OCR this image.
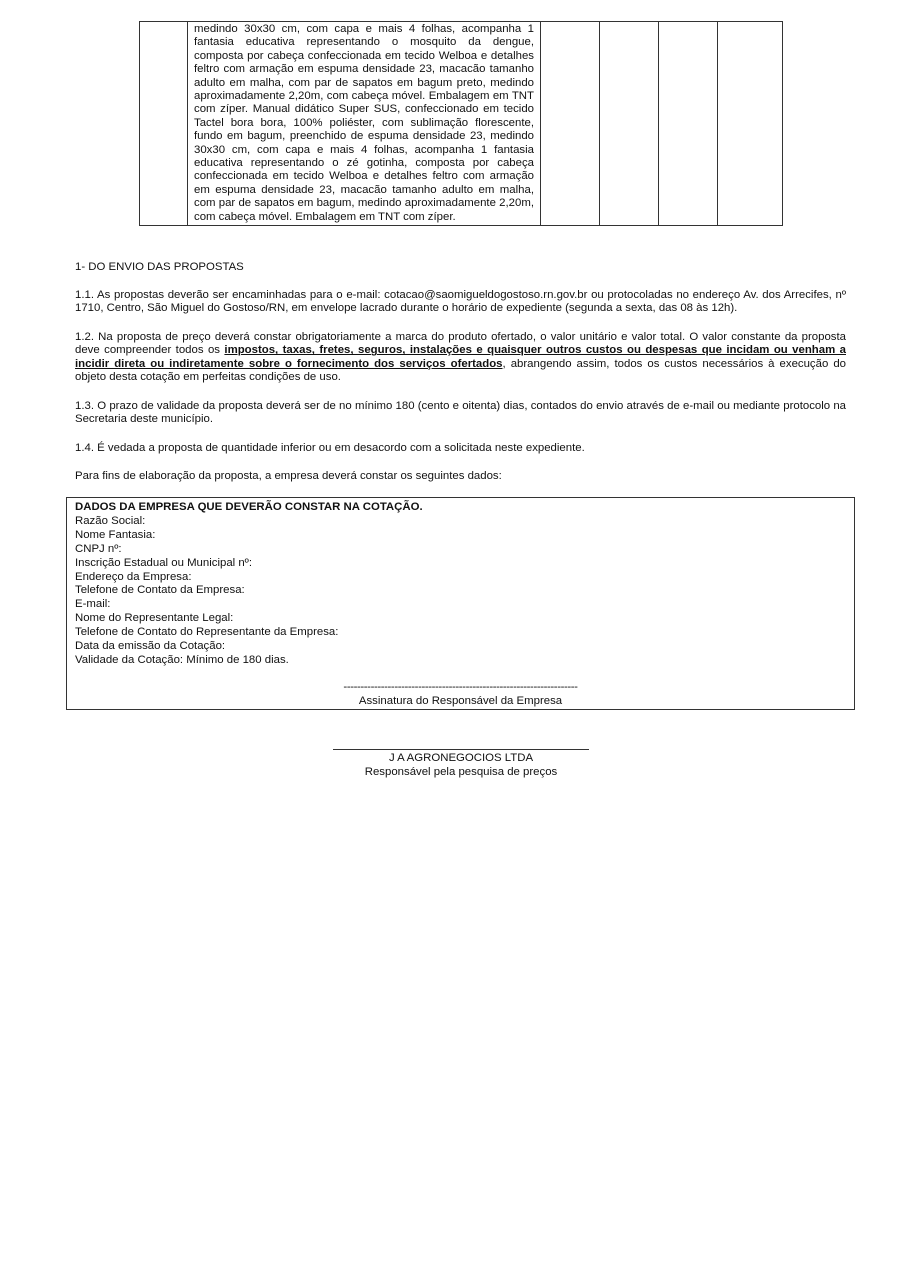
	medindo 30x30 cm, com capa e mais 4 folhas, acompanha 1 fantasia educativa representando o mosquito da dengue, composta por cabeça confeccionada em tecido Welboa e detalhes feltro com armação em espuma densidade 23, macacão tamanho adulto em malha, com par de sapatos em bagum preto, medindo aproximadamente 2,20m, com cabeça móvel. Embalagem em TNT com zíper. Manual didático Super SUS, confeccionado em tecido Tactel bora bora, 100% poliéster, com sublimação florescente, fundo em bagum, preenchido de espuma densidade 23, medindo 30x30 cm, com capa e mais 4 folhas, acompanha 1 fantasia educativa representando o zé gotinha, composta por cabeça confeccionada em tecido Welboa e detalhes feltro com armação em espuma densidade 23, macacão tamanho adulto em malha, com par de sapatos em bagum, medindo aproximadamente 2,20m, com cabeça móvel. Embalagem em TNT com zíper.				
1- DO ENVIO DAS PROPOSTAS
1.1. As propostas deverão ser encaminhadas para o e-mail: cotacao@saomigueldogostoso.rn.gov.br ou protocoladas no endereço Av. dos Arrecifes, nº 1710, Centro, São Miguel do Gostoso/RN, em envelope lacrado durante o horário de expediente (segunda a sexta, das 08 às 12h).
1.2. Na proposta de preço deverá constar obrigatoriamente a marca do produto ofertado, o valor unitário e valor total. O valor constante da proposta deve compreender todos os impostos, taxas, fretes, seguros, instalações e quaisquer outros custos ou despesas que incidam ou venham a incidir direta ou indiretamente sobre o fornecimento dos serviços ofertados, abrangendo assim, todos os custos necessários à execução do objeto desta cotação em perfeitas condições de uso.
1.3. O prazo de validade da proposta deverá ser de no mínimo 180 (cento e oitenta) dias, contados do envio através de e-mail ou mediante protocolo na Secretaria deste município.
1.4. É vedada a proposta de quantidade inferior ou em desacordo com a solicitada neste expediente.
Para fins de elaboração da proposta, a empresa deverá constar os seguintes dados:
DADOS DA EMPRESA QUE DEVERÃO CONSTAR NA COTAÇÃO.
Razão Social:
Nome Fantasia:
CNPJ nº:
Inscrição Estadual ou Municipal nº:
Endereço da Empresa:
Telefone de Contato da Empresa:
E-mail:
Nome do Representante Legal:
Telefone de Contato do Representante da Empresa:
Data da emissão da Cotação:
Validade da Cotação: Mínimo de 180 dias.
---------------------------------------------------------------------
Assinatura do Responsável da Empresa
J A AGRONEGOCIOS LTDA
Responsável pela pesquisa de preços
